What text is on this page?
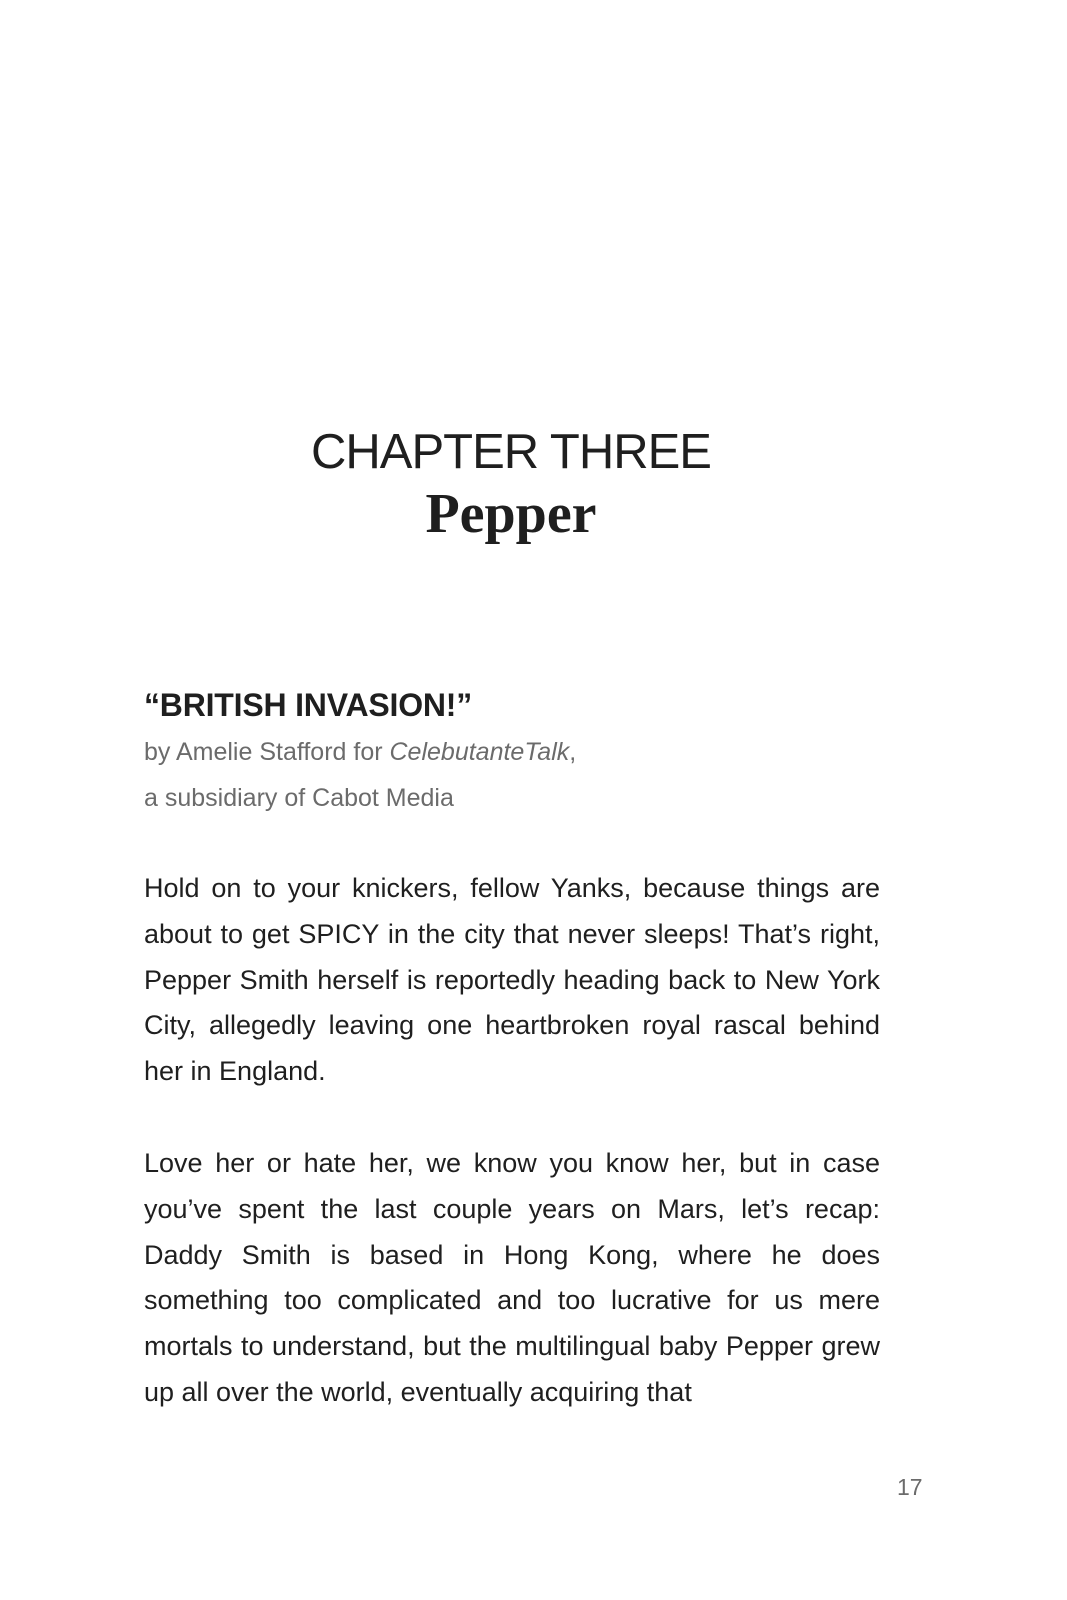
CHAPTER THREE
Pepper
“BRITISH INVASION!”
by Amelie Stafford for CelebutanteTalk,
a subsidiary of Cabot Media

Hold on to your knickers, fellow Yanks, because things are about to get SPICY in the city that never sleeps! That’s right, Pepper Smith herself is reportedly heading back to New York City, allegedly leaving one heartbroken royal rascal behind her in England.

Love her or hate her, we know you know her, but in case you’ve spent the last couple years on Mars, let’s recap: Daddy Smith is based in Hong Kong, where he does something too complicated and too lucrative for us mere mortals to understand, but the multilingual baby Pepper grew up all over the world, eventually acquiring that

17
